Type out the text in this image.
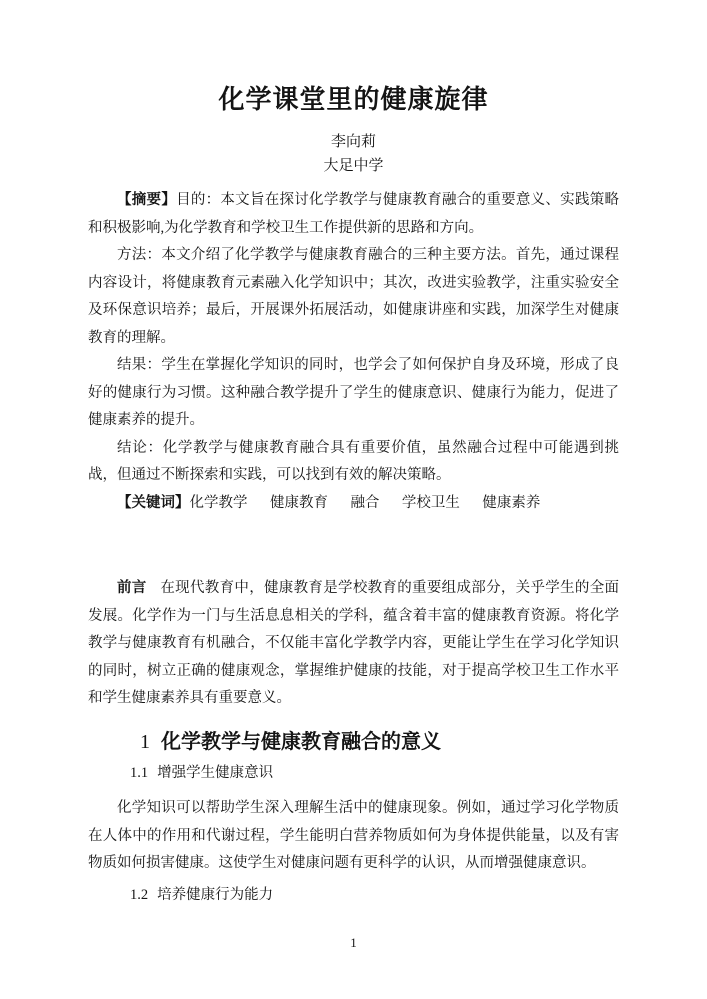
化学课堂里的健康旋律
李向莉
大足中学

【摘要】目的：本文旨在探讨化学教学与健康教育融合的重要意义、实践策略和积极影响,为化学教育和学校卫生工作提供新的思路和方向。

方法：本文介绍了化学教学与健康教育融合的三种主要方法。首先，通过课程内容设计，将健康教育元素融入化学知识中；其次，改进实验教学，注重实验安全及环保意识培养；最后，开展课外拓展活动，如健康讲座和实践，加深学生对健康教育的理解。

结果：学生在掌握化学知识的同时，也学会了如何保护自身及环境，形成了良好的健康行为习惯。这种融合教学提升了学生的健康意识、健康行为能力，促进了健康素养的提升。

结论：化学教学与健康教育融合具有重要价值，虽然融合过程中可能遇到挑战，但通过不断探索和实践，可以找到有效的解决策略。

【关键词】化学教学 健康教育 融合 学校卫生 健康素养

前言 在现代教育中，健康教育是学校教育的重要组成部分，关乎学生的全面发展。化学作为一门与生活息息相关的学科，蕴含着丰富的健康教育资源。将化学教学与健康教育有机融合，不仅能丰富化学教学内容，更能让学生在学习化学知识的同时，树立正确的健康观念，掌握维护健康的技能，对于提高学校卫生工作水平和学生健康素养具有重要意义。

1 化学教学与健康教育融合的意义
1.1 增强学生健康意识

化学知识可以帮助学生深入理解生活中的健康现象。例如，通过学习化学物质在人体中的作用和代谢过程，学生能明白营养物质如何为身体提供能量，以及有害物质如何损害健康。这使学生对健康问题有更科学的认识，从而增强健康意识。

1.2 培养健康行为能力
1
